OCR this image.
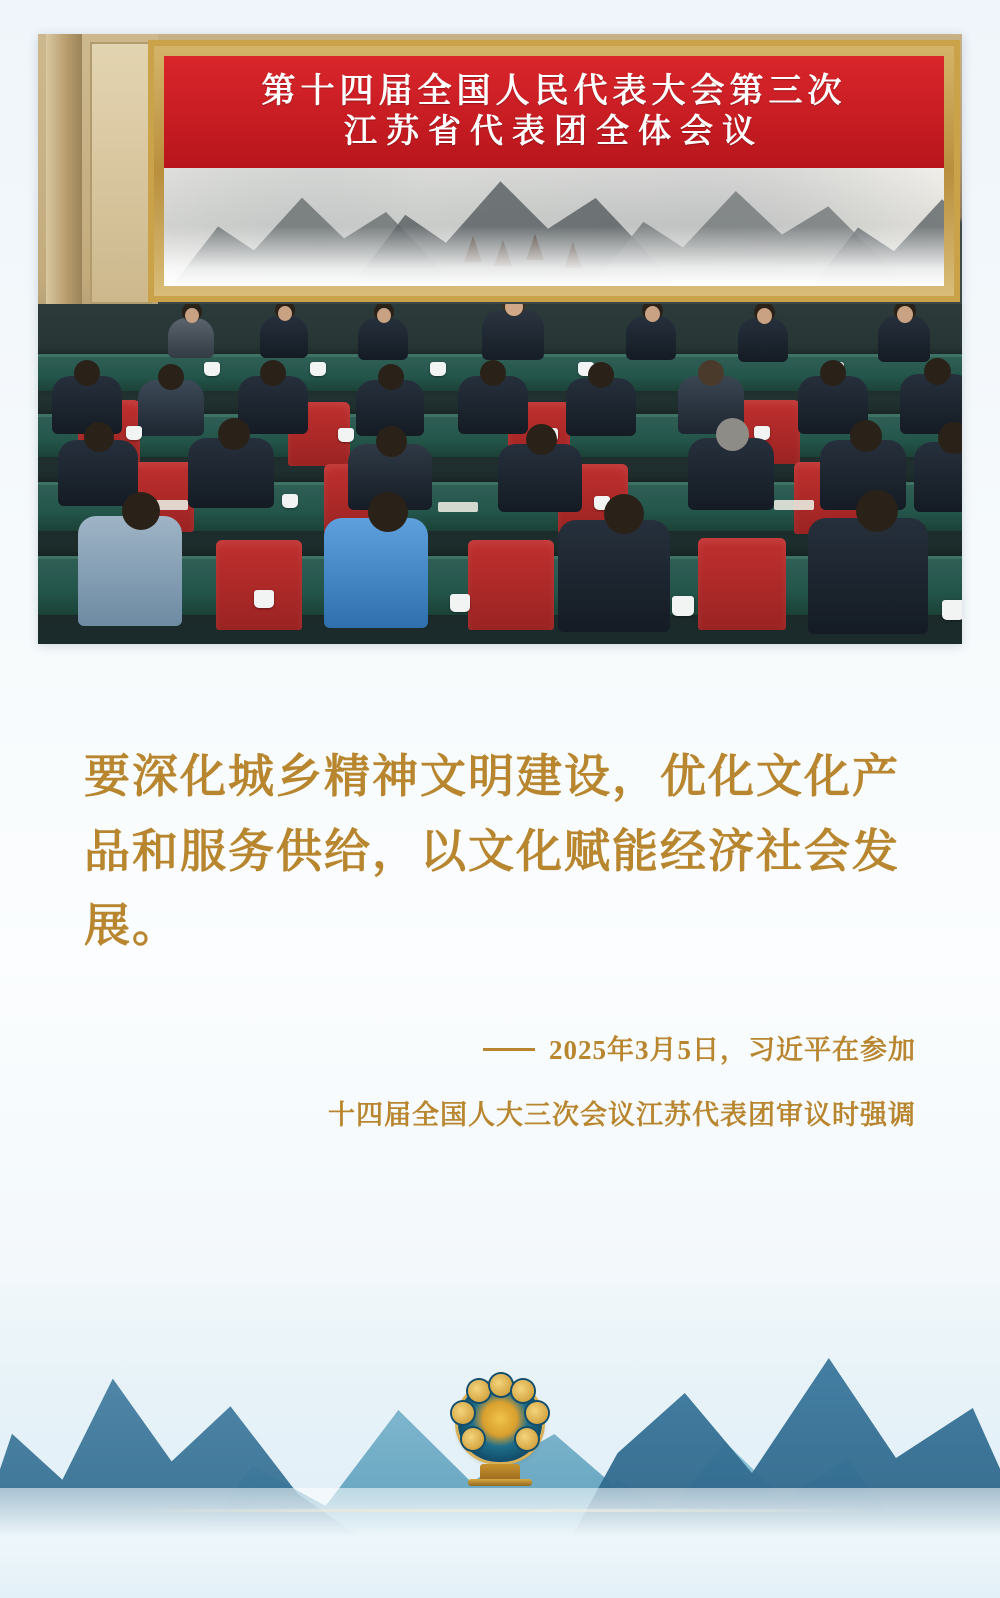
第十四届全国人民代表大会第三次
江苏省代表团全体会议
要深化城乡精神文明建设，优化文化产品和服务供给，以文化赋能经济社会发展。
2025年3月5日，习近平在参加
十四届全国人大三次会议江苏代表团审议时强调
